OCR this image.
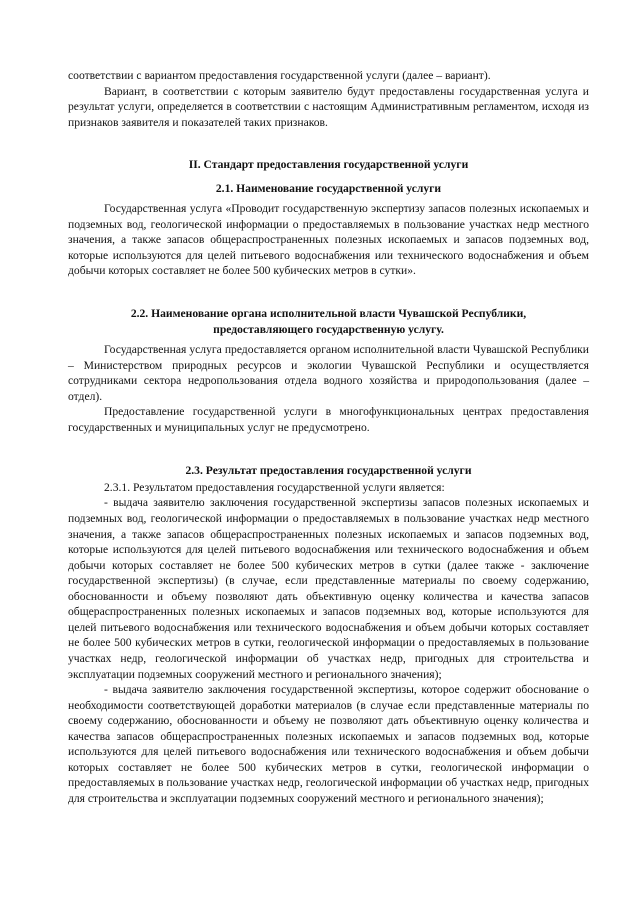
соответствии с вариантом предоставления государственной услуги (далее – вариант).

Вариант, в соответствии с которым заявителю будут предоставлены государственная услуга и результат услуги, определяется в соответствии с настоящим Административным регламентом, исходя из признаков заявителя и показателей таких признаков.

II. Стандарт предоставления государственной услуги

2.1. Наименование государственной услуги

Государственная услуга «Проводит государственную экспертизу запасов полезных ископаемых и подземных вод, геологической информации о предоставляемых в пользование участках недр местного значения, а также запасов общераспространенных полезных ископаемых и запасов подземных вод, которые используются для целей питьевого водоснабжения или технического водоснабжения и объем добычи которых составляет не более 500 кубических метров в сутки».

2.2. Наименование органа исполнительной власти Чувашской Республики,

предоставляющего государственную услугу.

Государственная услуга предоставляется органом исполнительной власти Чувашской Республики – Министерством природных ресурсов и экологии Чувашской Республики и осуществляется сотрудниками сектора недропользования отдела водного хозяйства и природопользования (далее – отдел).

Предоставление государственной услуги в многофункциональных центрах предоставления государственных и муниципальных услуг не предусмотрено.

2.3. Результат предоставления государственной услуги

2.3.1. Результатом предоставления государственной услуги является:

- выдача заявителю заключения государственной экспертизы запасов полезных ископаемых и подземных вод, геологической информации о предоставляемых в пользование участках недр местного значения, а также запасов общераспространенных полезных ископаемых и запасов подземных вод, которые используются для целей питьевого водоснабжения или технического водоснабжения и объем добычи которых составляет не более 500 кубических метров в сутки (далее также - заключение государственной экспертизы) (в случае, если представленные материалы по своему содержанию, обоснованности и объему позволяют дать объективную оценку количества и качества запасов общераспространенных полезных ископаемых и запасов подземных вод, которые используются для целей питьевого водоснабжения или технического водоснабжения и объем добычи которых составляет не более 500 кубических метров в сутки, геологической информации о предоставляемых в пользование участках недр, геологической информации об участках недр, пригодных для строительства и эксплуатации подземных сооружений местного и регионального значения);

- выдача заявителю заключения государственной экспертизы, которое содержит обоснование о необходимости соответствующей доработки материалов (в случае если представленные материалы по своему содержанию, обоснованности и объему не позволяют дать объективную оценку количества и качества запасов общераспространенных полезных ископаемых и запасов подземных вод, которые используются для целей питьевого водоснабжения или технического водоснабжения и объем добычи которых составляет не более 500 кубических метров в сутки, геологической информации о предоставляемых в пользование участках недр, геологической информации об участках недр, пригодных для строительства и эксплуатации подземных сооружений местного и регионального значения);
